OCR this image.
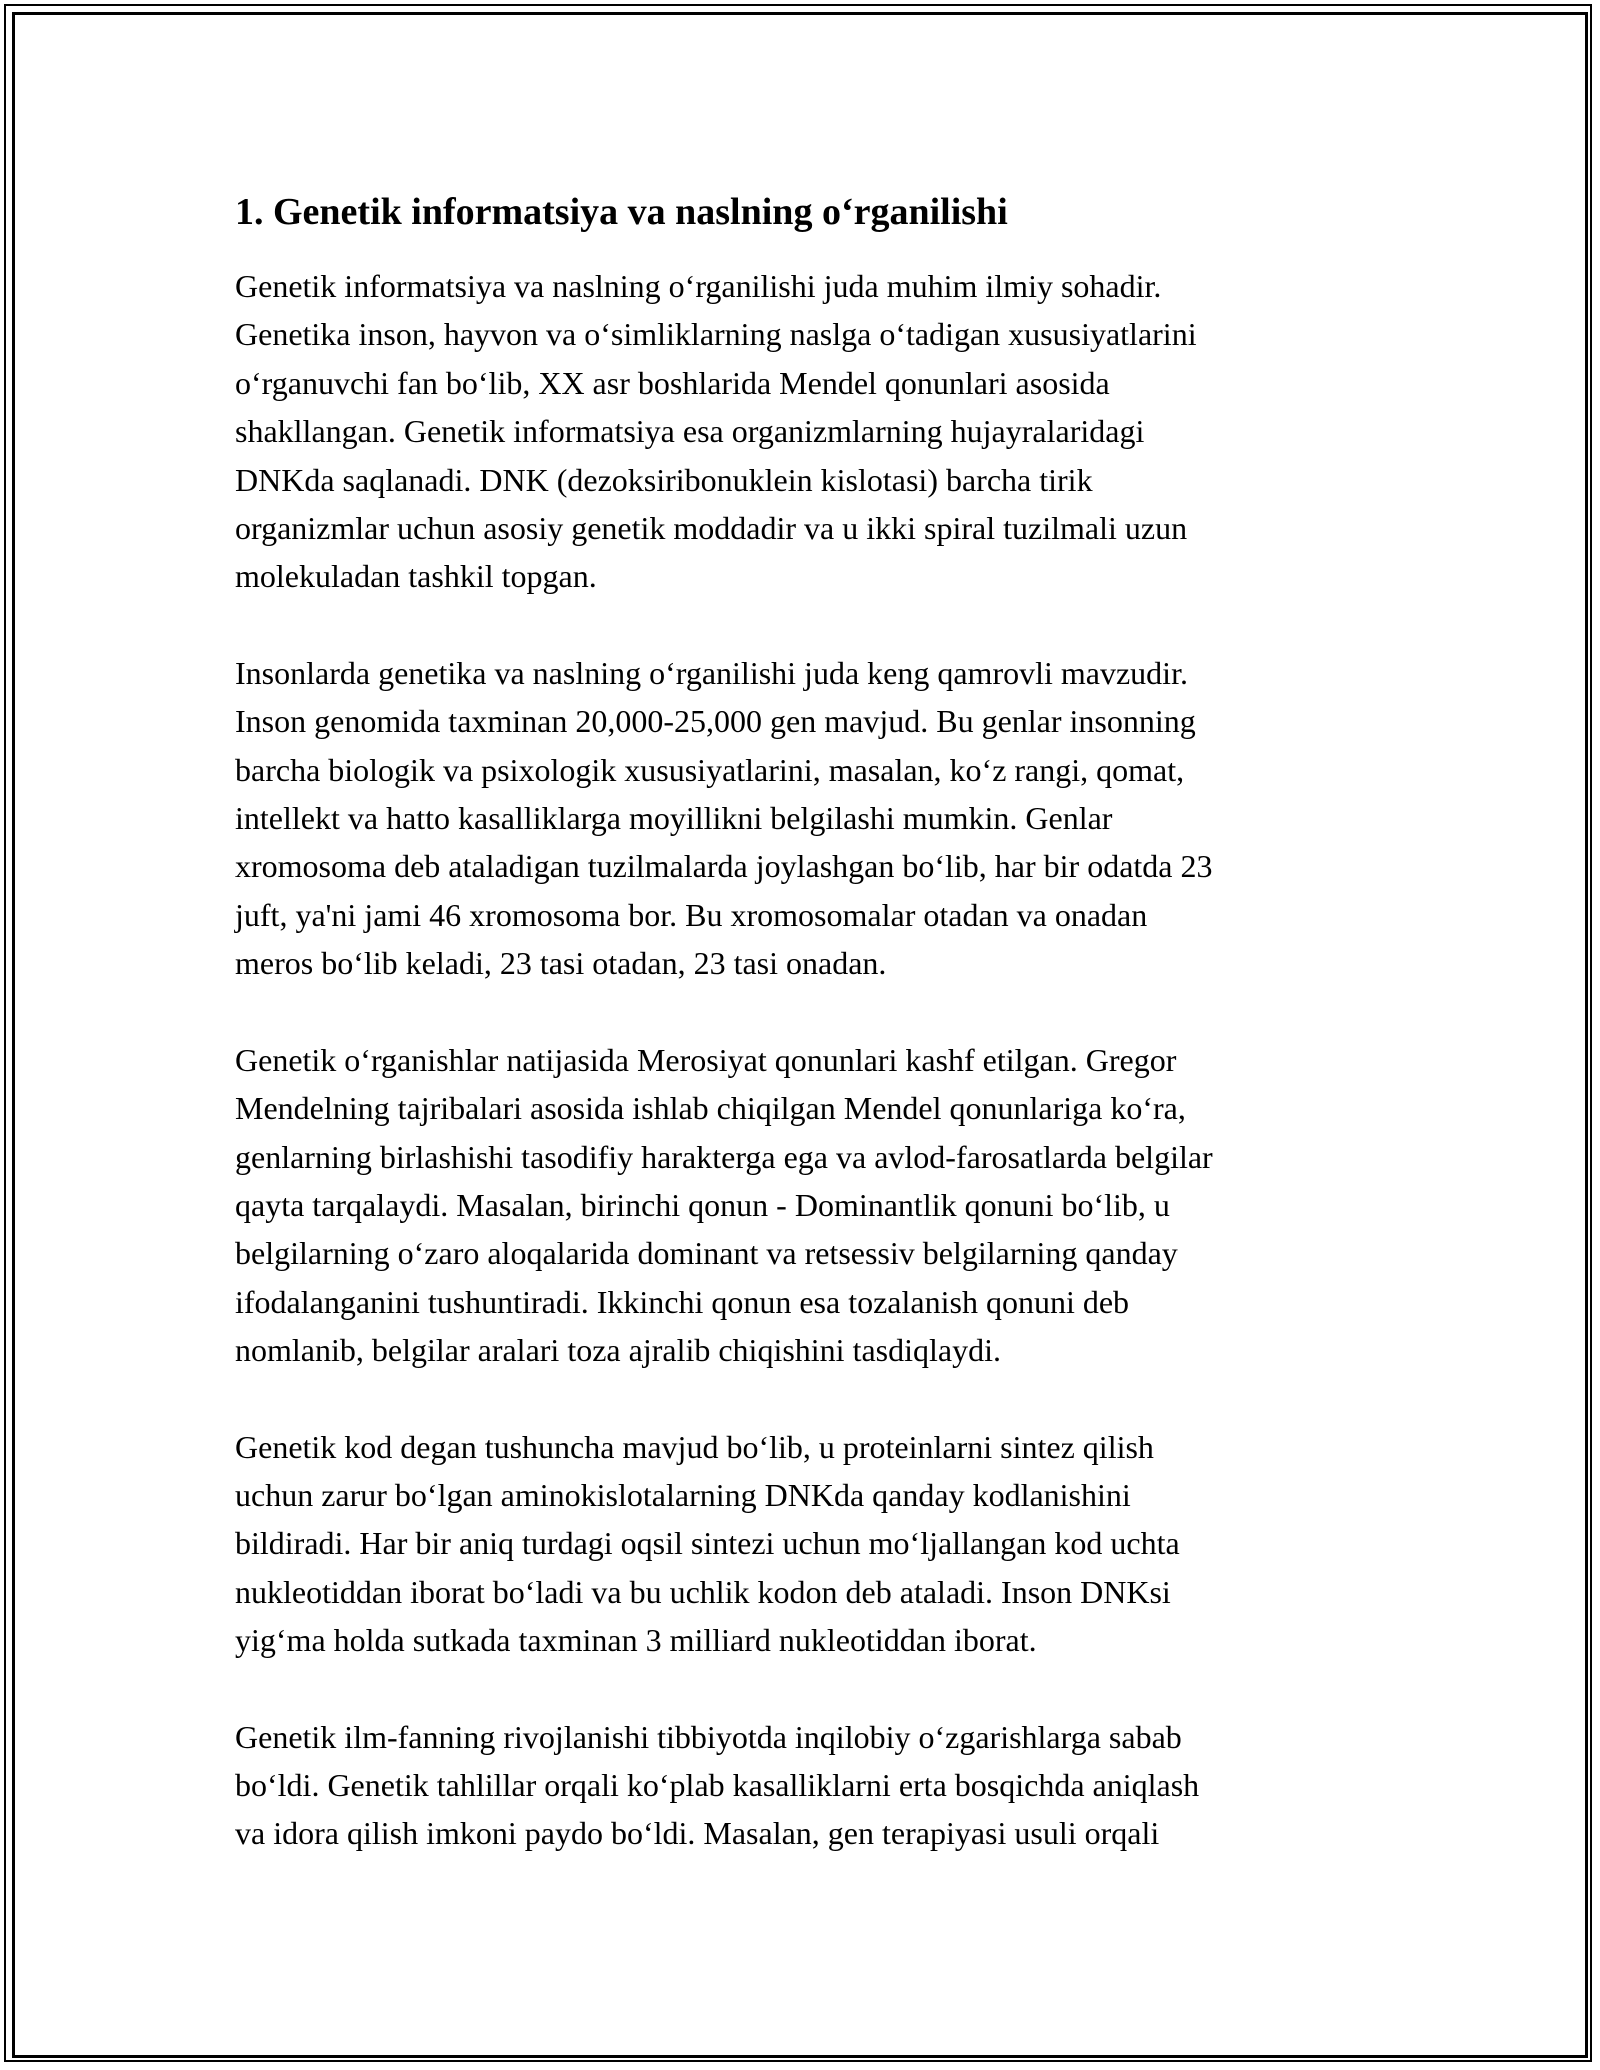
1. Genetik informatsiya va naslning o‘rganilishi
Genetik informatsiya va naslning o‘rganilishi juda muhim ilmiy sohadir.
Genetika inson, hayvon va o‘simliklarning naslga o‘tadigan xususiyatlarini
o‘rganuvchi fan bo‘lib, XX asr boshlarida Mendel qonunlari asosida
shakllangan. Genetik informatsiya esa organizmlarning hujayralaridagi
DNKda saqlanadi. DNK (dezoksiribonuklein kislotasi) barcha tirik
organizmlar uchun asosiy genetik moddadir va u ikki spiral tuzilmali uzun
molekuladan tashkil topgan.
Insonlarda genetika va naslning o‘rganilishi juda keng qamrovli mavzudir.
Inson genomida taxminan 20,000-25,000 gen mavjud. Bu genlar insonning
barcha biologik va psixologik xususiyatlarini, masalan, ko‘z rangi, qomat,
intellekt va hatto kasalliklarga moyillikni belgilashi mumkin. Genlar
xromosoma deb ataladigan tuzilmalarda joylashgan bo‘lib, har bir odatda 23
juft, ya'ni jami 46 xromosoma bor. Bu xromosomalar otadan va onadan
meros bo‘lib keladi, 23 tasi otadan, 23 tasi onadan.
Genetik o‘rganishlar natijasida Merosiyat qonunlari kashf etilgan. Gregor
Mendelning tajribalari asosida ishlab chiqilgan Mendel qonunlariga ko‘ra,
genlarning birlashishi tasodifiy harakterga ega va avlod-farosatlarda belgilar
qayta tarqalaydi. Masalan, birinchi qonun - Dominantlik qonuni bo‘lib, u
belgilarning o‘zaro aloqalarida dominant va retsessiv belgilarning qanday
ifodalanganini tushuntiradi. Ikkinchi qonun esa tozalanish qonuni deb
nomlanib, belgilar aralari toza ajralib chiqishini tasdiqlaydi.
Genetik kod degan tushuncha mavjud bo‘lib, u proteinlarni sintez qilish
uchun zarur bo‘lgan aminokislotalarning DNKda qanday kodlanishini
bildiradi. Har bir aniq turdagi oqsil sintezi uchun mo‘ljallangan kod uchta
nukleotiddan iborat bo‘ladi va bu uchlik kodon deb ataladi. Inson DNKsi
yig‘ma holda sutkada taxminan 3 milliard nukleotiddan iborat.
Genetik ilm-fanning rivojlanishi tibbiyotda inqilobiy o‘zgarishlarga sabab
bo‘ldi. Genetik tahlillar orqali ko‘plab kasalliklarni erta bosqichda aniqlash
va idora qilish imkoni paydo bo‘ldi. Masalan, gen terapiyasi usuli orqali
